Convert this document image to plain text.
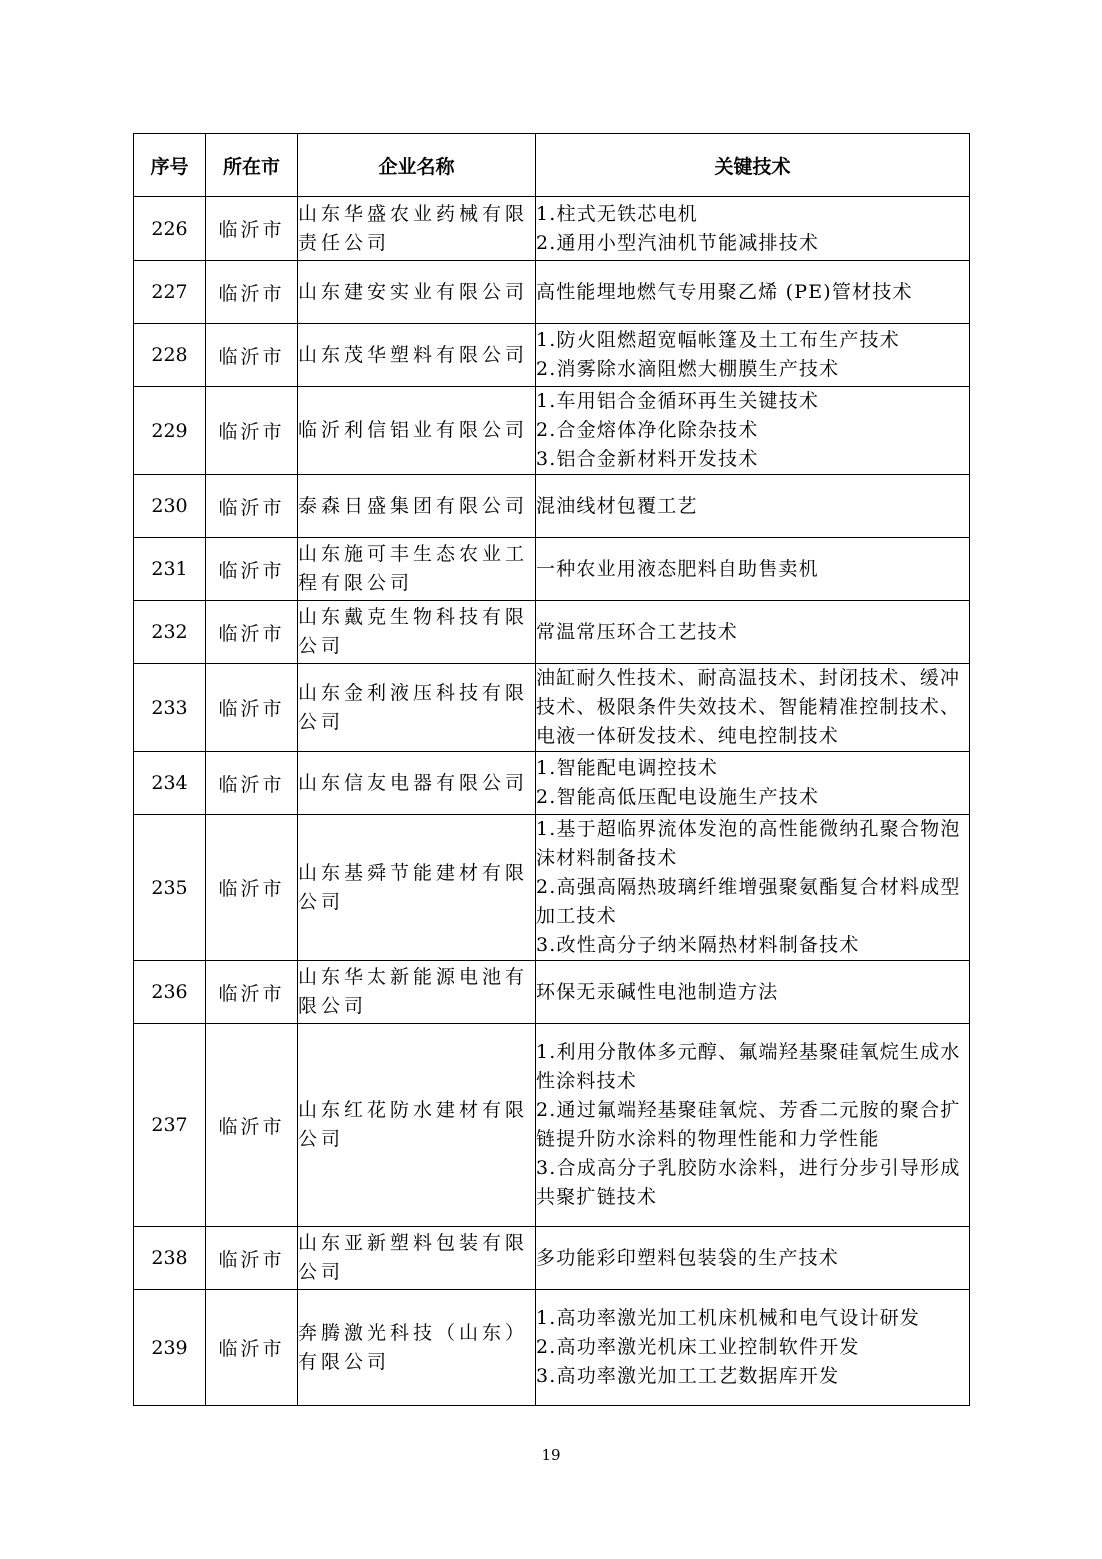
序号	所在市	企业名称	关键技术
226	临沂市	山东华盛农业药械有限责任公司	1.柱式无铁芯电机
2.通用小型汽油机节能减排技术

227	临沂市	山东建安实业有限公司	高性能埋地燃气专用聚乙烯 (PE)管材技术

228	临沂市	山东茂华塑料有限公司	1.防火阻燃超宽幅帐篷及土工布生产技术
2.消雾除水滴阻燃大棚膜生产技术

229	临沂市	临沂利信铝业有限公司	1.车用铝合金循环再生关键技术
2.合金熔体净化除杂技术
3.铝合金新材料开发技术

230	临沂市	泰森日盛集团有限公司	混油线材包覆工艺

231	临沂市	山东施可丰生态农业工程有限公司	一种农业用液态肥料自助售卖机

232	临沂市	山东戴克生物科技有限公司	常温常压环合工艺技术

233	临沂市	山东金利液压科技有限公司	油缸耐久性技术、耐高温技术、封闭技术、缓冲技术、极限条件失效技术、智能精准控制技术、电液一体研发技术、纯电控制技术

234	临沂市	山东信友电器有限公司	1.智能配电调控技术
2.智能高低压配电设施生产技术

235	临沂市	山东基舜节能建材有限公司	1.基于超临界流体发泡的高性能微纳孔聚合物泡沫材料制备技术
2.高强高隔热玻璃纤维增强聚氨酯复合材料成型加工技术
3.改性高分子纳米隔热材料制备技术

236	临沂市	山东华太新能源电池有限公司	环保无汞碱性电池制造方法

237	临沂市	山东红花防水建材有限公司	1.利用分散体多元醇、氟端羟基聚硅氧烷生成水性涂料技术
2.通过氟端羟基聚硅氧烷、芳香二元胺的聚合扩链提升防水涂料的物理性能和力学性能
3.合成高分子乳胶防水涂料，进行分步引导形成共聚扩链技术

238	临沂市	山东亚新塑料包装有限公司	多功能彩印塑料包装袋的生产技术

239	临沂市	奔腾激光科技（山东）有限公司	1.高功率激光加工机床机械和电气设计研发
2.高功率激光机床工业控制软件开发
3.高功率激光加工工艺数据库开发
19
